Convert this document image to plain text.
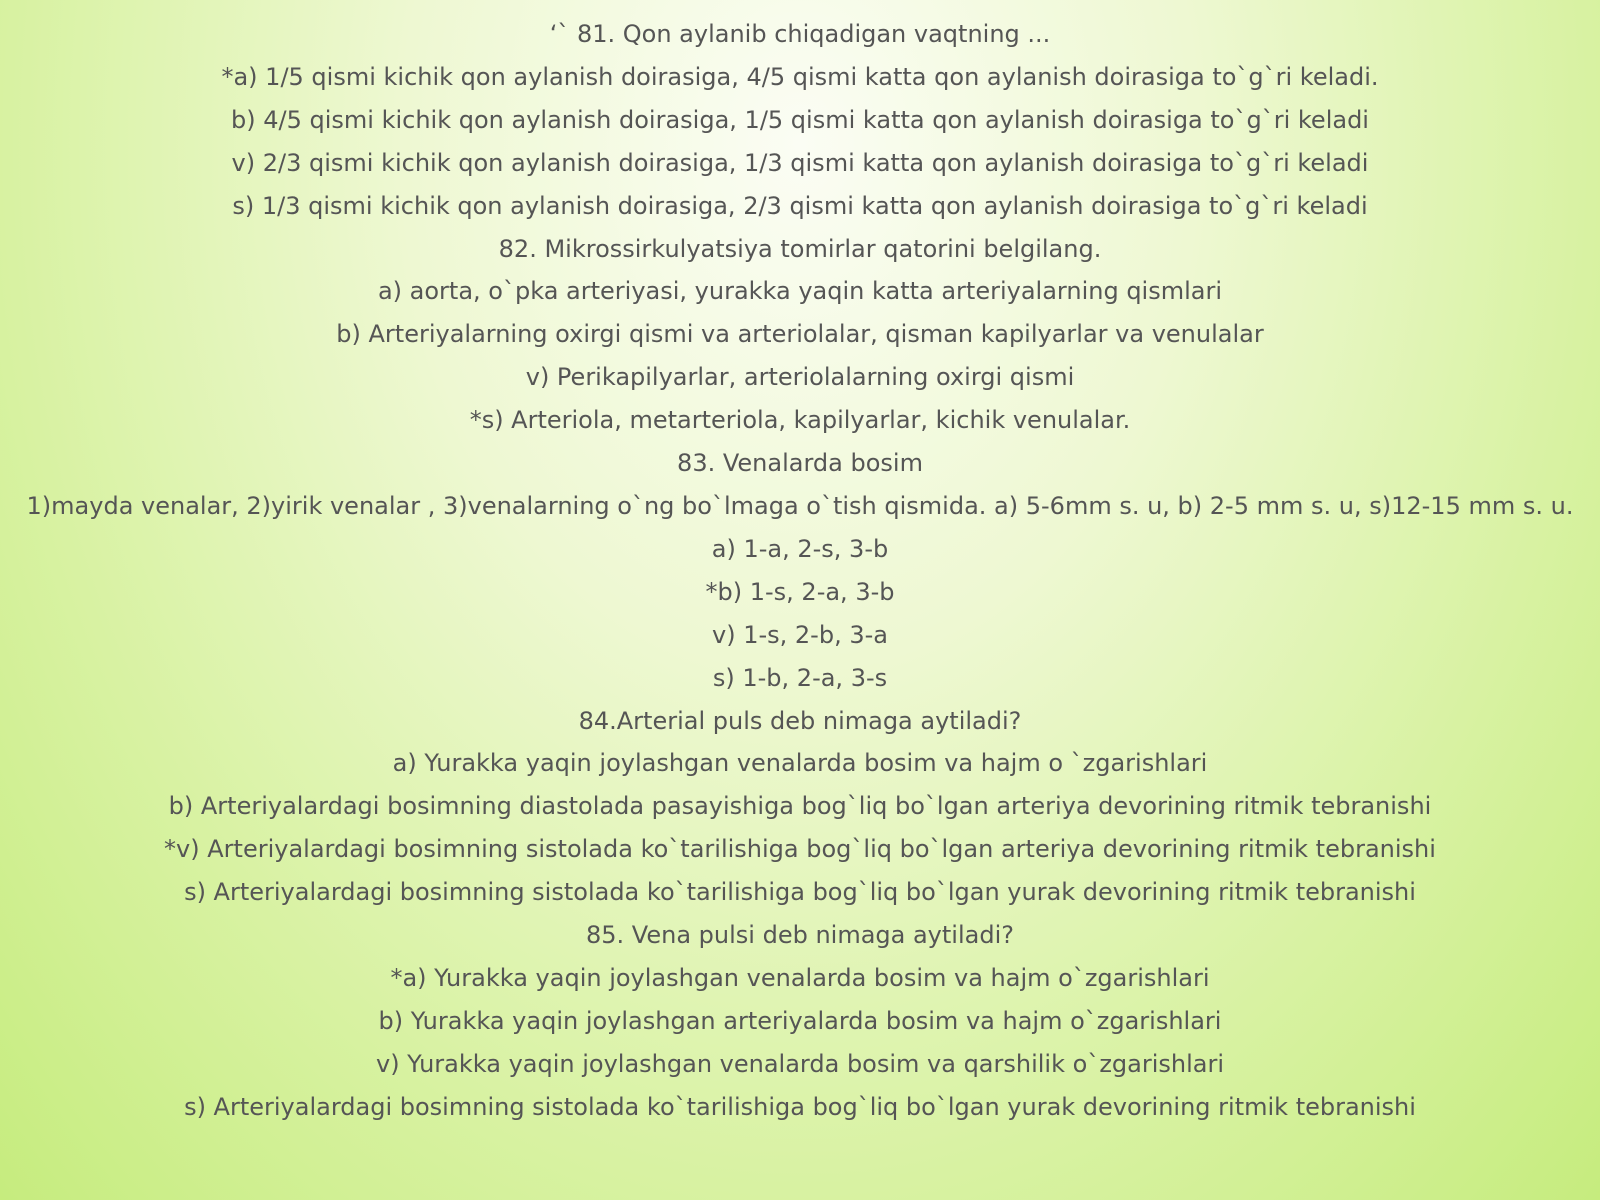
‘` 81. Qon aylanib chiqadigan vaqtning ...

*a) 1/5 qismi kichik qon aylanish doirasiga, 4/5 qismi katta qon aylanish doirasiga to`g`ri keladi.

b) 4/5 qismi kichik qon aylanish doirasiga, 1/5 qismi katta qon aylanish doirasiga to`g`ri keladi

v) 2/3 qismi kichik qon aylanish doirasiga, 1/3 qismi katta qon aylanish doirasiga to`g`ri keladi

s) 1/3 qismi kichik qon aylanish doirasiga, 2/3 qismi katta qon aylanish doirasiga to`g`ri keladi

82. Mikrossirkulyatsiya tomirlar qatorini belgilang.

a) aorta, o`pka arteriyasi, yurakka yaqin katta arteriyalarning qismlari

b) Arteriyalarning oxirgi qismi va arteriolalar, qisman kapilyarlar va venulalar

v) Perikapilyarlar, arteriolalarning oxirgi qismi

*s) Arteriola, metarteriola, kapilyarlar, kichik venulalar.

83. Venalarda bosim

1)mayda venalar, 2)yirik venalar , 3)venalarning o`ng bo`lmaga o`tish qismida. a) 5-6mm s. u, b) 2-5 mm s. u, s)12-15 mm s. u.

a) 1-a, 2-s, 3-b

*b) 1-s, 2-a, 3-b

v) 1-s, 2-b, 3-a

s) 1-b, 2-a, 3-s

84.Arterial puls deb nimaga aytiladi?

a) Yurakka yaqin joylashgan venalarda bosim va hajm o `zgarishlari

b) Arteriyalardagi bosimning diastolada pasayishiga bog`liq bo`lgan arteriya devorining ritmik tebranishi

*v) Arteriyalardagi bosimning sistolada ko`tarilishiga bog`liq bo`lgan arteriya devorining ritmik tebranishi

s) Arteriyalardagi bosimning sistolada ko`tarilishiga bog`liq bo`lgan yurak devorining ritmik tebranishi

85. Vena pulsi deb nimaga aytiladi?

*a) Yurakka yaqin joylashgan venalarda bosim va hajm o`zgarishlari

b) Yurakka yaqin joylashgan arteriyalarda bosim va hajm o`zgarishlari

v) Yurakka yaqin joylashgan venalarda bosim va qarshilik o`zgarishlari

s) Arteriyalardagi bosimning sistolada ko`tarilishiga bog`liq bo`lgan yurak devorining ritmik tebranishi
